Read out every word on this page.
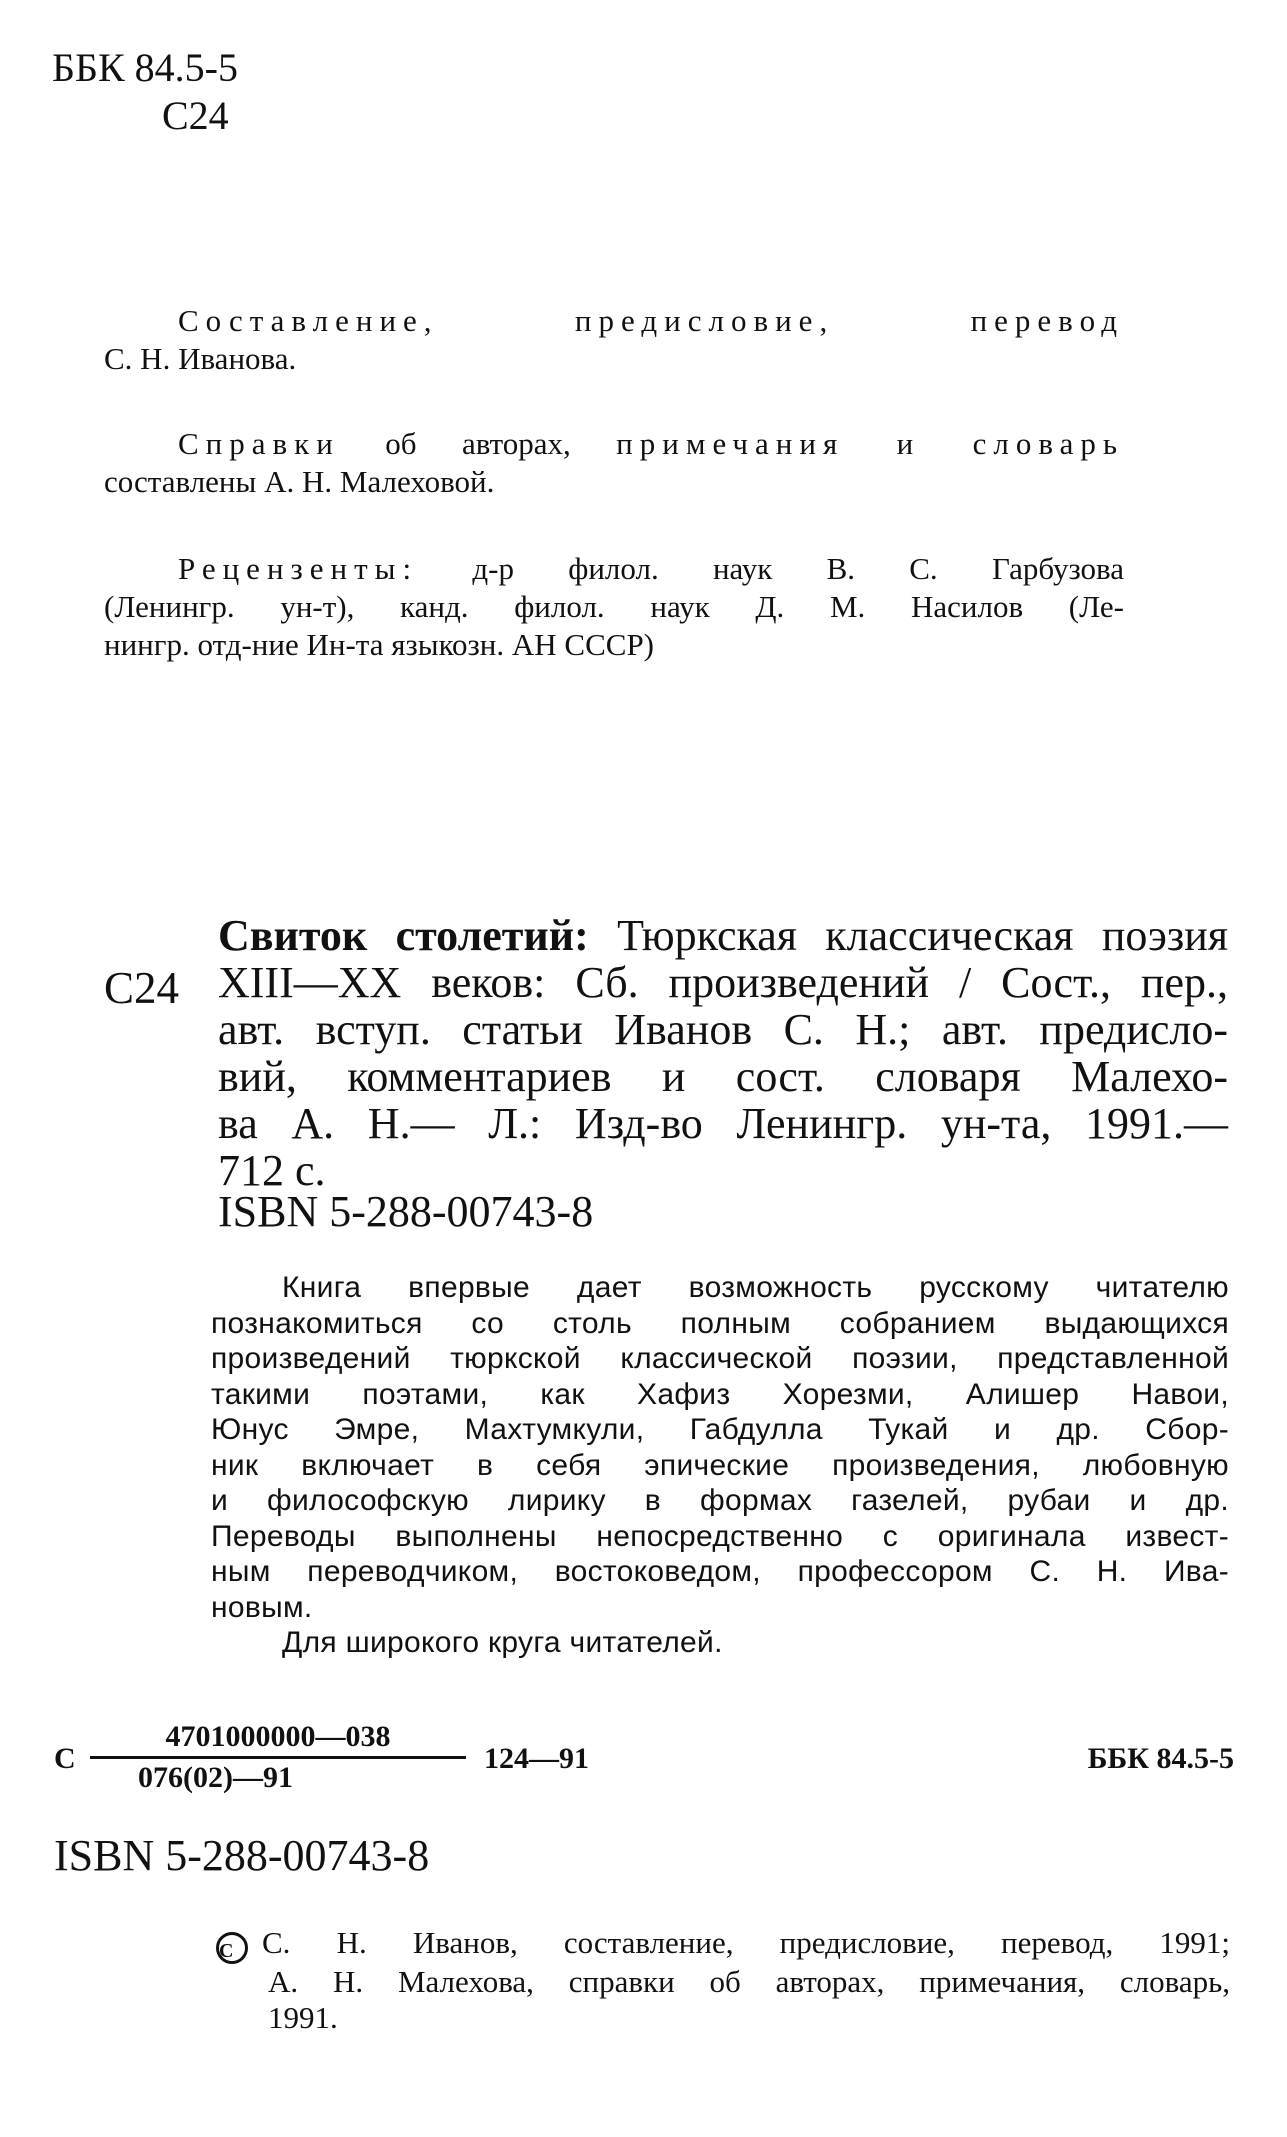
ББК 84.5-5
С24
Составление, предисловие, перевод
С. Н. Иванова.
Справки об авторах, примечания и словарь
составлены А. Н. Малеховой.
Рецензенты: д-р филол. наук В. С. Гарбузова
(Ленингр. ун-т), канд. филол. наук Д. М. Насилов (Ле-
нингр. отд-ние Ин-та языкозн. АН СССР)
С24
Свиток столетий: Тюркская классическая поэзия
XIII—XX веков: Сб. произведений / Сост., пер.,
авт. вступ. статьи Иванов С. Н.; авт. предисло-
вий, комментариев и сост. словаря Малехо-
ва А. Н.— Л.: Изд-во Ленингр. ун-та, 1991.—
712 с.
ISBN 5-288-00743-8
Книга впервые дает возможность русскому читателю
познакомиться со столь полным собранием выдающихся
произведений тюркской классической поэзии, представленной
такими поэтами, как Хафиз Хорезми, Алишер Навои,
Юнус Эмре, Махтумкули, Габдулла Тукай и др. Сбор-
ник включает в себя эпические произведения, любовную
и философскую лирику в формах газелей, рубаи и др.
Переводы выполнены непосредственно с оригинала извест-
ным переводчиком, востоковедом, профессором С. Н. Ива-
новым.
Для широкого круга читателей.
С $\frac{4701000000—038}{076(02)—91}$ 124—91	ББК 84.5-5
ISBN 5-288-00743-8
C С. Н. Иванов, составление, предисловие, перевод, 1991;
А. Н. Малехова, справки об авторах, примечания, словарь,
1991.
